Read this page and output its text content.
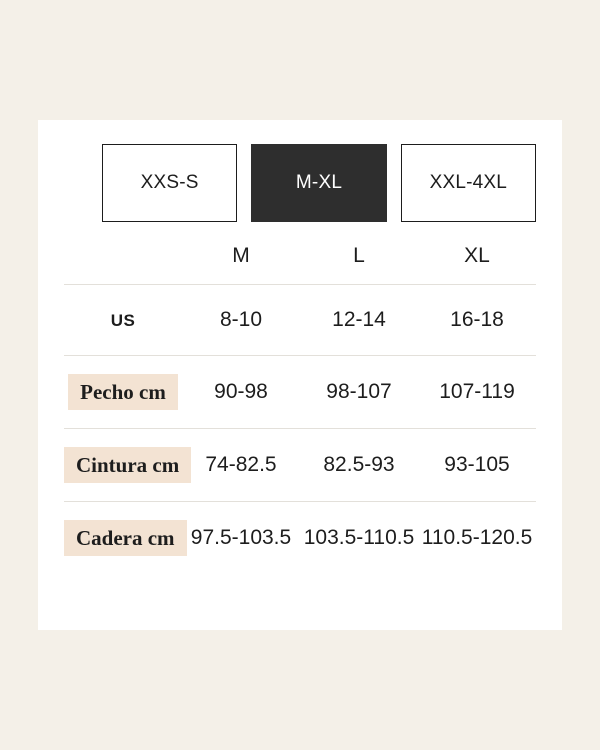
XXS-S	M-XL	XXL-4XL
	M	L	XL

US	8-10	12-14	16-18

Pecho cm	90-98	98-107	107-119

Cintura cm	74-82.5	82.5-93	93-105

Cadera cm	97.5-103.5	103.5-110.5	110.5-120.5
